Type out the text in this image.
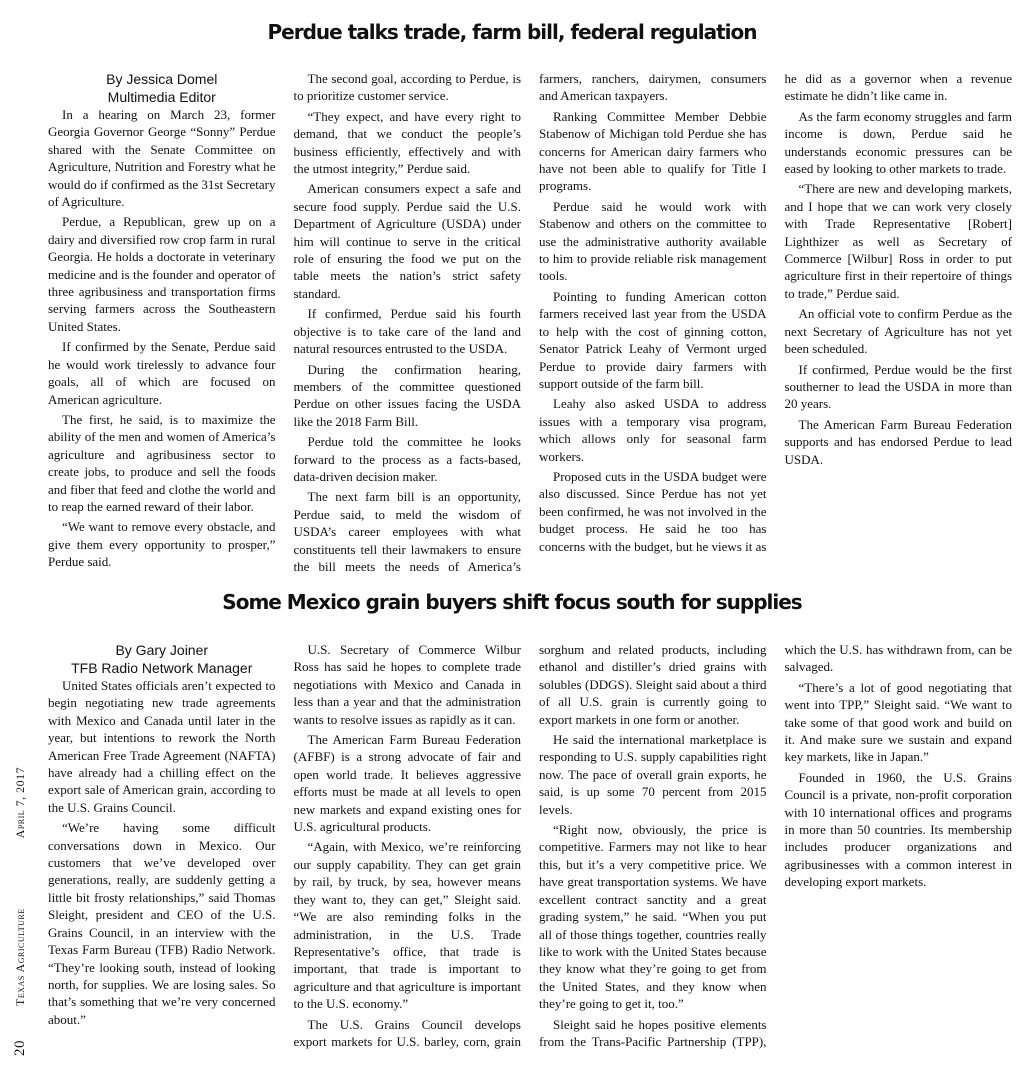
Perdue talks trade, farm bill, federal regulation

By Jessica Domel

Multimedia Editor

In a hearing on March 23, former Georgia Governor George “Sonny” Perdue shared with the Senate Committee on Agriculture, Nutrition and Forestry what he would do if confirmed as the 31st Secretary of Agriculture.

Perdue, a Republican, grew up on a dairy and diversified row crop farm in rural Georgia. He holds a doctorate in veterinary medicine and is the founder and operator of three agribusiness and transportation firms serving farmers across the Southeastern United States.

If confirmed by the Senate, Perdue said he would work tirelessly to advance four goals, all of which are focused on American agriculture.

The first, he said, is to maximize the ability of the men and women of America’s agriculture and agribusiness sector to create jobs, to produce and sell the foods and fiber that feed and clothe the world and to reap the earned reward of their labor.

“We want to remove every obstacle, and give them every opportunity to prosper,” Perdue said.

The second goal, according to Perdue, is to prioritize customer service.

“They expect, and have every right to demand, that we conduct the people’s business efficiently, effectively and with the utmost integrity,” Perdue said.

American consumers expect a safe and secure food supply. Perdue said the U.S. Department of Agriculture (USDA) under him will continue to serve in the critical role of ensuring the food we put on the table meets the nation’s strict safety standard.

If confirmed, Perdue said his fourth objective is to take care of the land and natural resources entrusted to the USDA.

During the confirmation hearing, members of the committee questioned Perdue on other issues facing the USDA like the 2018 Farm Bill.

Perdue told the committee he looks forward to the process as a facts-based, data-driven decision maker.

The next farm bill is an opportunity, Perdue said, to meld the wisdom of USDA’s career employees with what constituents tell their lawmakers to ensure the bill meets the needs of America’s farmers, ranchers, dairymen, consumers and American taxpayers.

Ranking Committee Member Debbie Stabenow of Michigan told Perdue she has concerns for American dairy farmers who have not been able to qualify for Title I programs.

Perdue said he would work with Stabenow and others on the committee to use the administrative authority available to him to provide reliable risk management tools.

Pointing to funding American cotton farmers received last year from the USDA to help with the cost of ginning cotton, Senator Patrick Leahy of Vermont urged Perdue to provide dairy farmers with support outside of the farm bill.

Leahy also asked USDA to address issues with a temporary visa program, which allows only for seasonal farm workers.

Proposed cuts in the USDA budget were also discussed. Since Perdue has not yet been confirmed, he was not involved in the budget process. He said he too has concerns with the budget, but he views it as he did as a governor when a revenue estimate he didn’t like came in.

As the farm economy struggles and farm income is down, Perdue said he understands economic pressures can be eased by looking to other markets to trade.

“There are new and developing markets, and I hope that we can work very closely with Trade Representative [Robert] Lighthizer as well as Secretary of Commerce [Wilbur] Ross in order to put agriculture first in their repertoire of things to trade,” Perdue said.

An official vote to confirm Perdue as the next Secretary of Agriculture has not yet been scheduled.

If confirmed, Perdue would be the first southerner to lead the USDA in more than 20 years.

The American Farm Bureau Federation supports and has endorsed Perdue to lead USDA.

Some Mexico grain buyers shift focus south for supplies

By Gary Joiner

TFB Radio Network Manager

United States officials aren’t expected to begin negotiating new trade agreements with Mexico and Canada until later in the year, but intentions to rework the North American Free Trade Agreement (NAFTA) have already had a chilling effect on the export sale of American grain, according to the U.S. Grains Council.

“We’re having some difficult conversations down in Mexico. Our customers that we’ve developed over generations, really, are suddenly getting a little bit frosty relationships,” said Thomas Sleight, president and CEO of the U.S. Grains Council, in an interview with the Texas Farm Bureau (TFB) Radio Network. “They’re looking south, instead of looking north, for supplies. We are losing sales. So that’s something that we’re very concerned about.”

U.S. Secretary of Commerce Wilbur Ross has said he hopes to complete trade negotiations with Mexico and Canada in less than a year and that the administration wants to resolve issues as rapidly as it can.

The American Farm Bureau Federation (AFBF) is a strong advocate of fair and open world trade. It believes aggressive efforts must be made at all levels to open new markets and expand existing ones for U.S. agricultural products.

“Again, with Mexico, we’re reinforcing our supply capability. They can get grain by rail, by truck, by sea, however means they want to, they can get,” Sleight said. “We are also reminding folks in the administration, in the U.S. Trade Representative’s office, that trade is important, that trade is important to agriculture and that agriculture is important to the U.S. economy.”

The U.S. Grains Council develops export markets for U.S. barley, corn, grain sorghum and related products, including ethanol and distiller’s dried grains with solubles (DDGS). Sleight said about a third of all U.S. grain is currently going to export markets in one form or another.

He said the international marketplace is responding to U.S. supply capabilities right now. The pace of overall grain exports, he said, is up some 70 percent from 2015 levels.

“Right now, obviously, the price is competitive. Farmers may not like to hear this, but it’s a very competitive price. We have great transportation systems. We have excellent contract sanctity and a great grading system,” he said. “When you put all of those things together, countries really like to work with the United States because they know what they’re going to get from the United States, and they know when they’re going to get it, too.”

Sleight said he hopes positive elements from the Trans-Pacific Partnership (TPP), which the U.S. has withdrawn from, can be salvaged.

“There’s a lot of good negotiating that went into TPP,” Sleight said. “We want to take some of that good work and build on it. And make sure we sustain and expand key markets, like in Japan.”

Founded in 1960, the U.S. Grains Council is a private, non-profit corporation with 10 international offices and programs in more than 50 countries. Its membership includes producer organizations and agribusinesses with a common interest in developing export markets.

20Texas AgricultureApril 7, 2017
